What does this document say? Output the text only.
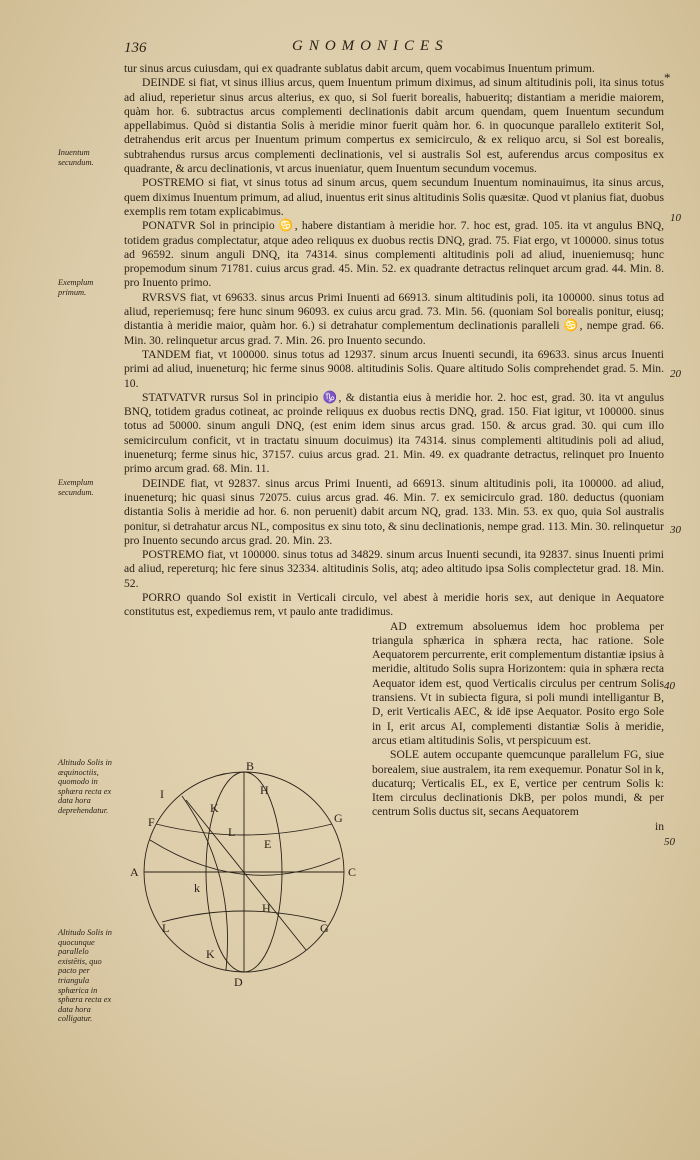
136	GNOMONICES
*

tur sinus arcus cuiusdam, qui ex quadrante sublatus dabit arcum, quem vocabimus Inuentum primum.

DEINDE si fiat, vt sinus illius arcus, quem Inuentum primum diximus, ad sinum altitudinis poli, ita sinus totus ad aliud, reperietur sinus arcus alterius, ex quo, si Sol fuerit borealis, habueritq; distantiam a meridie maiorem, quàm hor. 6. subtractus arcus complementi declinationis dabit arcum quendam, quem Inuentum secundum appellabimus. Quòd si distantia Solis à meridie minor fuerit quàm hor. 6. in quocunque parallelo extiterit Sol, detrahendus erit arcus per Inuentum primum compertus ex semicirculo, & ex reliquo arcu, si Sol est borealis, subtrahendus rursus arcus complementi declinationis, vel si australis Sol est, auferendus arcus compositus ex quadrante, & arcu declinationis, vt arcus inueniatur, quem Inuentum secundum vocemus.

POSTREMO si fiat, vt sinus totus ad sinum arcus, quem secundum Inuentum nominauimus, ita sinus arcus, quem diximus Inuentum primum, ad aliud, inuentus erit sinus altitudinis Solis quæsitæ. Quod vt planius fiat, duobus exemplis rem totam explicabimus.

PONATVR Sol in principio ♋, habere distantiam à meridie hor. 7. hoc est, grad. 105. ita vt angulus BNQ, totidem gradus complectatur, atque adeo reliquus ex duobus rectis DNQ, grad. 75. Fiat ergo, vt 100000. sinus totus ad 96592. sinum anguli DNQ, ita 74314. sinus complementi altitudinis poli ad aliud, inueniemusq; hunc propemodum sinum 71781. cuius arcus grad. 45. Min. 52. ex quadrante detractus relinquet arcum grad. 44. Min. 8. pro Inuento primo.

RVRSVS fiat, vt 69633. sinus arcus Primi Inuenti ad 66913. sinum altitudinis poli, ita 100000. sinus totus ad aliud, reperiemusq; fere hunc sinum 96093. ex cuius arcu grad. 73. Min. 56. (quoniam Sol borealis ponitur, eiusq; distantia à meridie maior, quàm hor. 6.) si detrahatur complementum declinationis paralleli ♋, nempe grad. 66. Min. 30. relinquetur arcus grad. 7. Min. 26. pro Inuento secundo.

TANDEM fiat, vt 100000. sinus totus ad 12937. sinum arcus Inuenti secundi, ita 69633. sinus arcus Inuenti primi ad aliud, inueneturq; hic ferme sinus 9008. altitudinis Solis. Quare altitudo Solis comprehendet grad. 5. Min. 10.

STATVATVR rursus Sol in principio ♑, & distantia eius à meridie hor. 2. hoc est, grad. 30. ita vt angulus BNQ, totidem gradus cotineat, ac proinde reliquus ex duobus rectis DNQ, grad. 150. Fiat igitur, vt 100000. sinus totus ad 50000. sinum anguli DNQ, (est enim idem sinus arcus grad. 150. & arcus grad. 30. qui cum illo semicirculum conficit, vt in tractatu sinuum docuimus) ita 74314. sinus complementi altitudinis poli ad aliud, inueneturq; ferme sinus hic, 37157. cuius arcus grad. 21. Min. 49. ex quadrante detractus, relinquet pro Inuento primo arcum grad. 68. Min. 11.

DEINDE fiat, vt 92837. sinus arcus Primi Inuenti, ad 66913. sinum altitudinis poli, ita 100000. ad aliud, inueneturq; hic quasi sinus 72075. cuius arcus grad. 46. Min. 7. ex semicirculo grad. 180. deductus (quoniam distantia Solis à meridie ad hor. 6. non peruenit) dabit arcum NQ, grad. 133. Min. 53. ex quo, quia Sol australis ponitur, si detrahatur arcus NL, compositus ex sinu toto, & sinu declinationis, nempe grad. 113. Min. 30. relinquetur pro Inuento secundo arcus grad. 20. Min. 23.

POSTREMO fiat, vt 100000. sinus totus ad 34829. sinum arcus Inuenti secundi, ita 92837. sinus Inuenti primi ad aliud, repereturq; hic fere sinus 32334. altitudinis Solis, atq; adeo altitudo ipsa Solis complectetur grad. 18. Min. 52.

PORRO quando Sol existit in Verticali circulo, vel abest à meridie horis sex, aut denique in Aequatore constitutus est, expediemus rem, vt paulo ante tradidimus.

AD extremum absoluemus idem hoc problema per triangula sphærica in sphæra recta, hac ratione. Sole Aequatorem percurrente, erit complementum distantiæ ipsius à meridie, altitudo Solis supra Horizontem: quia in sphæra recta Aequator idem est, quod Verticalis circulus per centrum Solis transiens. Vt in subiecta figura, si poli mundi intelligantur B, D, erit Verticalis AEC, & idē ipse Aequator. Posito ergo Sole in I, erit arcus AI, complementi distantiæ Solis à meridie, arcus etiam altitudinis Solis, vt perspicuum est.

SOLE autem occupante quemcunque parallelum FG, siue borealem, siue australem, ita rem exequemur. Ponatur Sol in k, ducaturq; Verticalis EL, ex E, vertice per centrum Solis k: Item circulus declinationis DkB, per polos mundi, & per centrum Solis ductus sit, secans Aequatorem

in

Inuentum secundum.
Exemplum primum.
Exemplum secundum.
Altitudo Solis in æquinoctiis, quomodo in sphæra recta ex data hora deprehendatur.
Altitudo Solis in quocunque parallelo existētis, quo pacto per triangula sphærica in sphæra recta ex data hora colligatur.
10
20
30
40
50
B
D
A	C
E
F	G
H
I
K
L
k
H
K
L
G
